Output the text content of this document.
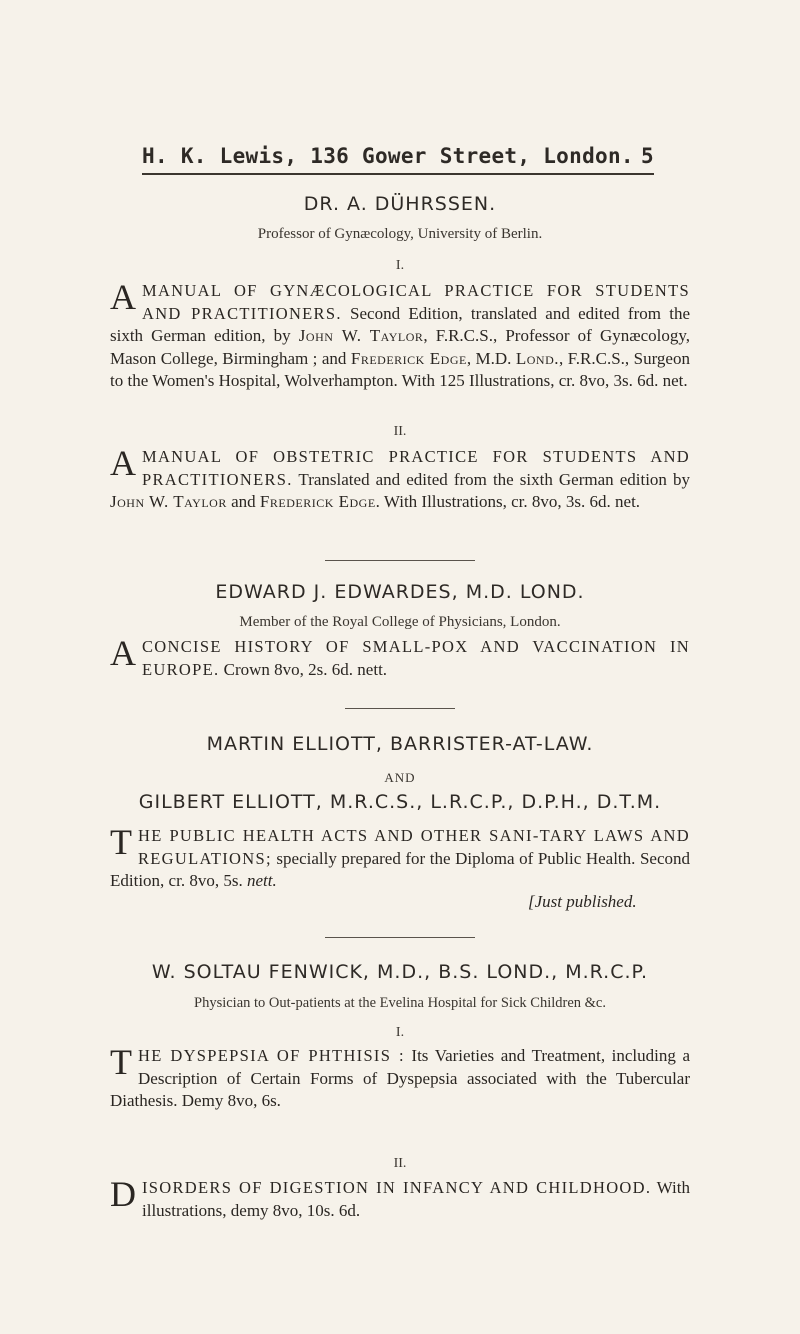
H. K. Lewis, 136 Gower Street, London. 5
DR. A. DÜHRSSEN.
Professor of Gynæcology, University of Berlin.
I.
AMANUAL OF GYNÆCOLOGICAL PRACTICE FOR STUDENTS AND PRACTITIONERS. Second Edition, translated and edited from the sixth German edition, by John W. Taylor, F.R.C.S., Professor of Gynæcology, Mason College, Birmingham ; and Frederick Edge, M.D. Lond., F.R.C.S., Surgeon to the Women's Hospital, Wolverhampton. With 125 Illustrations, cr. 8vo, 3s. 6d. net.
II.
AMANUAL OF OBSTETRIC PRACTICE FOR STUDENTS AND PRACTITIONERS. Translated and edited from the sixth German edition by John W. Taylor and Frederick Edge. With Illustrations, cr. 8vo, 3s. 6d. net.
EDWARD J. EDWARDES, M.D. LOND.
Member of the Royal College of Physicians, London.
ACONCISE HISTORY OF SMALL-POX AND VACCINATION IN EUROPE. Crown 8vo, 2s. 6d. nett.
MARTIN ELLIOTT, BARRISTER-AT-LAW.
AND
GILBERT ELLIOTT, M.R.C.S., L.R.C.P., D.P.H., D.T.M.
THE PUBLIC HEALTH ACTS AND OTHER SANI-TARY LAWS AND REGULATIONS; specially prepared for the Diploma of Public Health. Second Edition, cr. 8vo, 5s. nett.
[Just published.
W. SOLTAU FENWICK, M.D., B.S. LOND., M.R.C.P.
Physician to Out-patients at the Evelina Hospital for Sick Children &c.
I.
THE DYSPEPSIA OF PHTHISIS : Its Varieties and Treatment, including a Description of Certain Forms of Dyspepsia associated with the Tubercular Diathesis. Demy 8vo, 6s.
II.
DISORDERS OF DIGESTION IN INFANCY AND CHILDHOOD. With illustrations, demy 8vo, 10s. 6d.
